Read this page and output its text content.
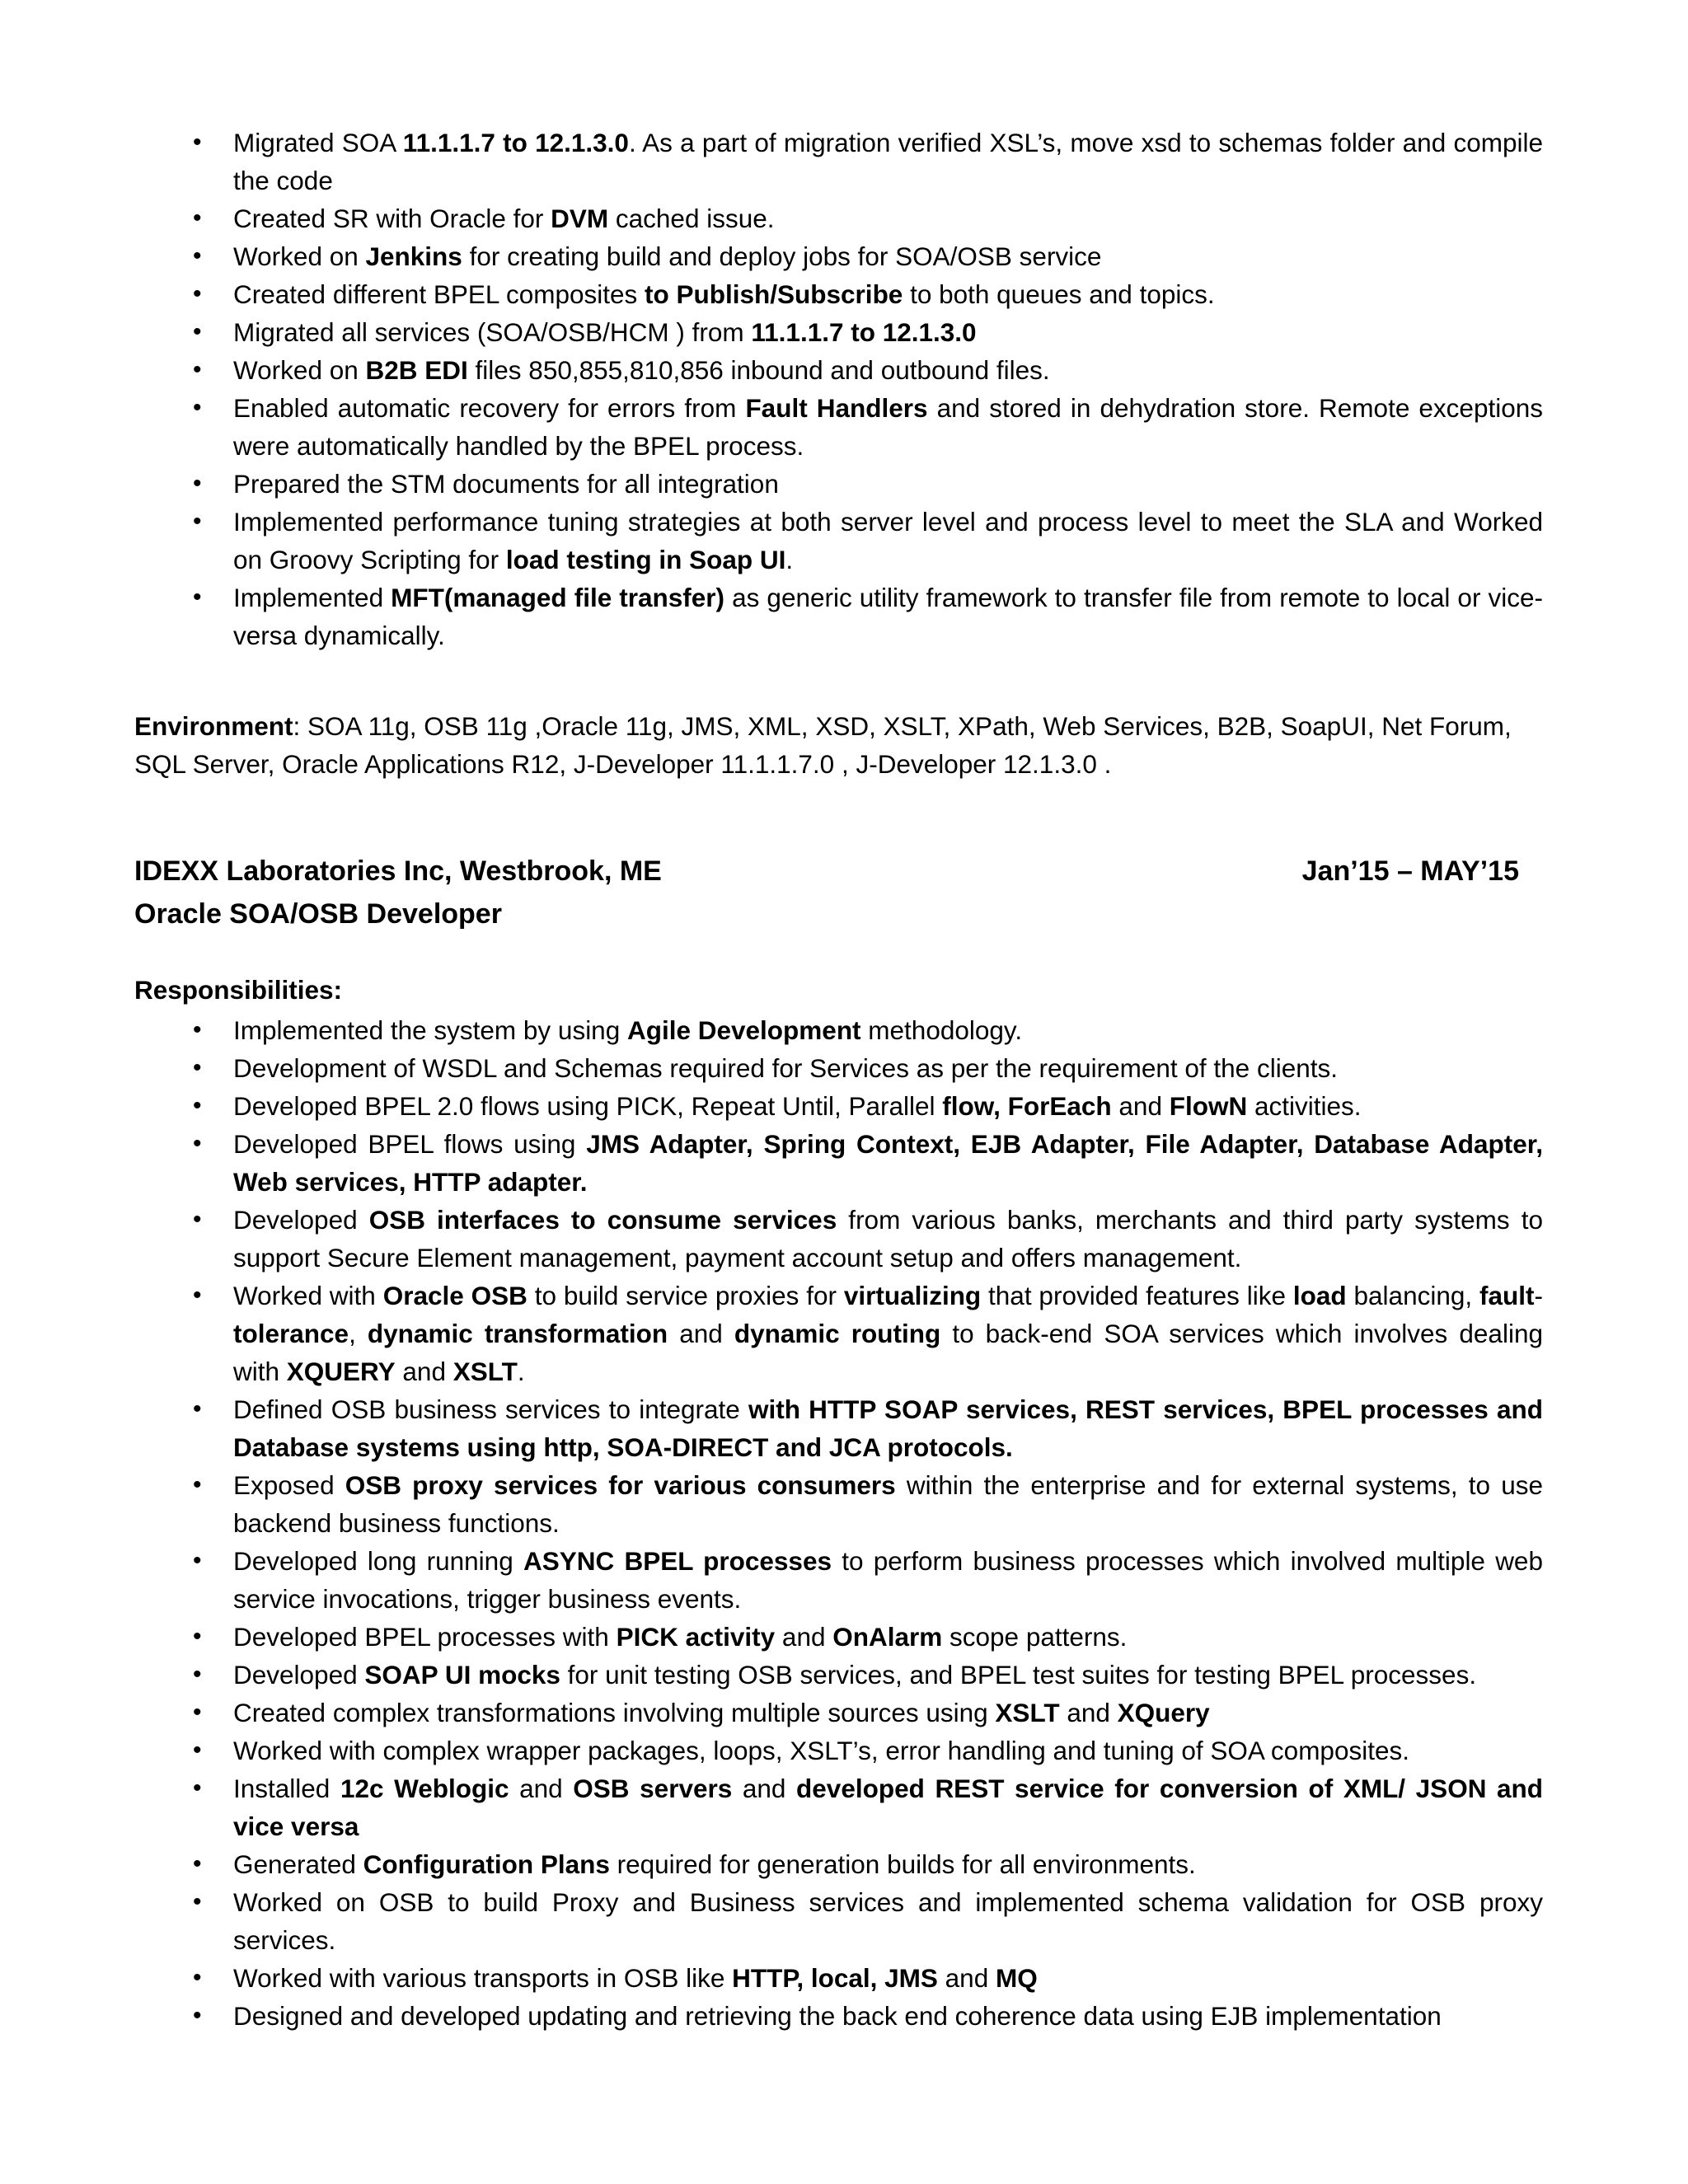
•	Migrated SOA 11.1.1.7 to 12.1.3.0. As a part of migration verified XSL’s, move xsd to schemas folder and compile the code
•	Created SR with Oracle for DVM cached issue.
•	Worked on Jenkins for creating build and deploy jobs for SOA/OSB service
•	Created different BPEL composites to Publish/Subscribe to both queues and topics.
•	Migrated all services (SOA/OSB/HCM ) from 11.1.1.7 to 12.1.3.0
•	Worked on B2B EDI files 850,855,810,856 inbound and outbound files.
•	Enabled automatic recovery for errors from Fault Handlers and stored in dehydration store. Remote exceptions were automatically handled by the BPEL process.
•	Prepared the STM documents for all integration
•	Implemented performance tuning strategies at both server level and process level to meet the SLA and Worked on Groovy Scripting for load testing in Soap UI.
•	Implemented MFT(managed file transfer) as generic utility framework to transfer file from remote to local or vice-versa dynamically.
Environment: SOA 11g, OSB 11g ,Oracle 11g, JMS, XML, XSD, XSLT, XPath, Web Services, B2B, SoapUI, Net Forum, SQL Server, Oracle Applications R12, J-Developer 11.1.1.7.0 , J-Developer 12.1.3.0 .
IDEXX Laboratories Inc, Westbrook, ME	Jan’15 – MAY’15
Oracle SOA/OSB Developer
Responsibilities:
•	Implemented the system by using Agile Development methodology.
•	Development of WSDL and Schemas required for Services as per the requirement of the clients.
•	Developed BPEL 2.0 flows using PICK, Repeat Until, Parallel flow, ForEach and FlowN activities.
•	Developed BPEL flows using JMS Adapter, Spring Context, EJB Adapter, File Adapter, Database Adapter, Web services, HTTP adapter.
•	Developed OSB interfaces to consume services from various banks, merchants and third party systems to support Secure Element management, payment account setup and offers management.
•	Worked with Oracle OSB to build service proxies for virtualizing that provided features like load balancing, fault-tolerance, dynamic transformation and dynamic routing to back-end SOA services which involves dealing with XQUERY and XSLT.
•	Defined OSB business services to integrate with HTTP SOAP services, REST services, BPEL processes and Database systems using http, SOA-DIRECT and JCA protocols.
•	Exposed OSB proxy services for various consumers within the enterprise and for external systems, to use backend business functions.
•	Developed long running ASYNC BPEL processes to perform business processes which involved multiple web service invocations, trigger business events.
•	Developed BPEL processes with PICK activity and OnAlarm scope patterns.
•	Developed SOAP UI mocks for unit testing OSB services, and BPEL test suites for testing BPEL processes.
•	Created complex transformations involving multiple sources using XSLT and XQuery
•	Worked with complex wrapper packages, loops, XSLT’s, error handling and tuning of SOA composites.
•	Installed 12c Weblogic and OSB servers and developed REST service for conversion of XML/ JSON and vice versa
•	Generated Configuration Plans required for generation builds for all environments.
•	Worked on OSB to build Proxy and Business services and implemented schema validation for OSB proxy services.
•	Worked with various transports in OSB like HTTP, local, JMS and MQ
•	Designed and developed updating and retrieving the back end coherence data using EJB implementation
